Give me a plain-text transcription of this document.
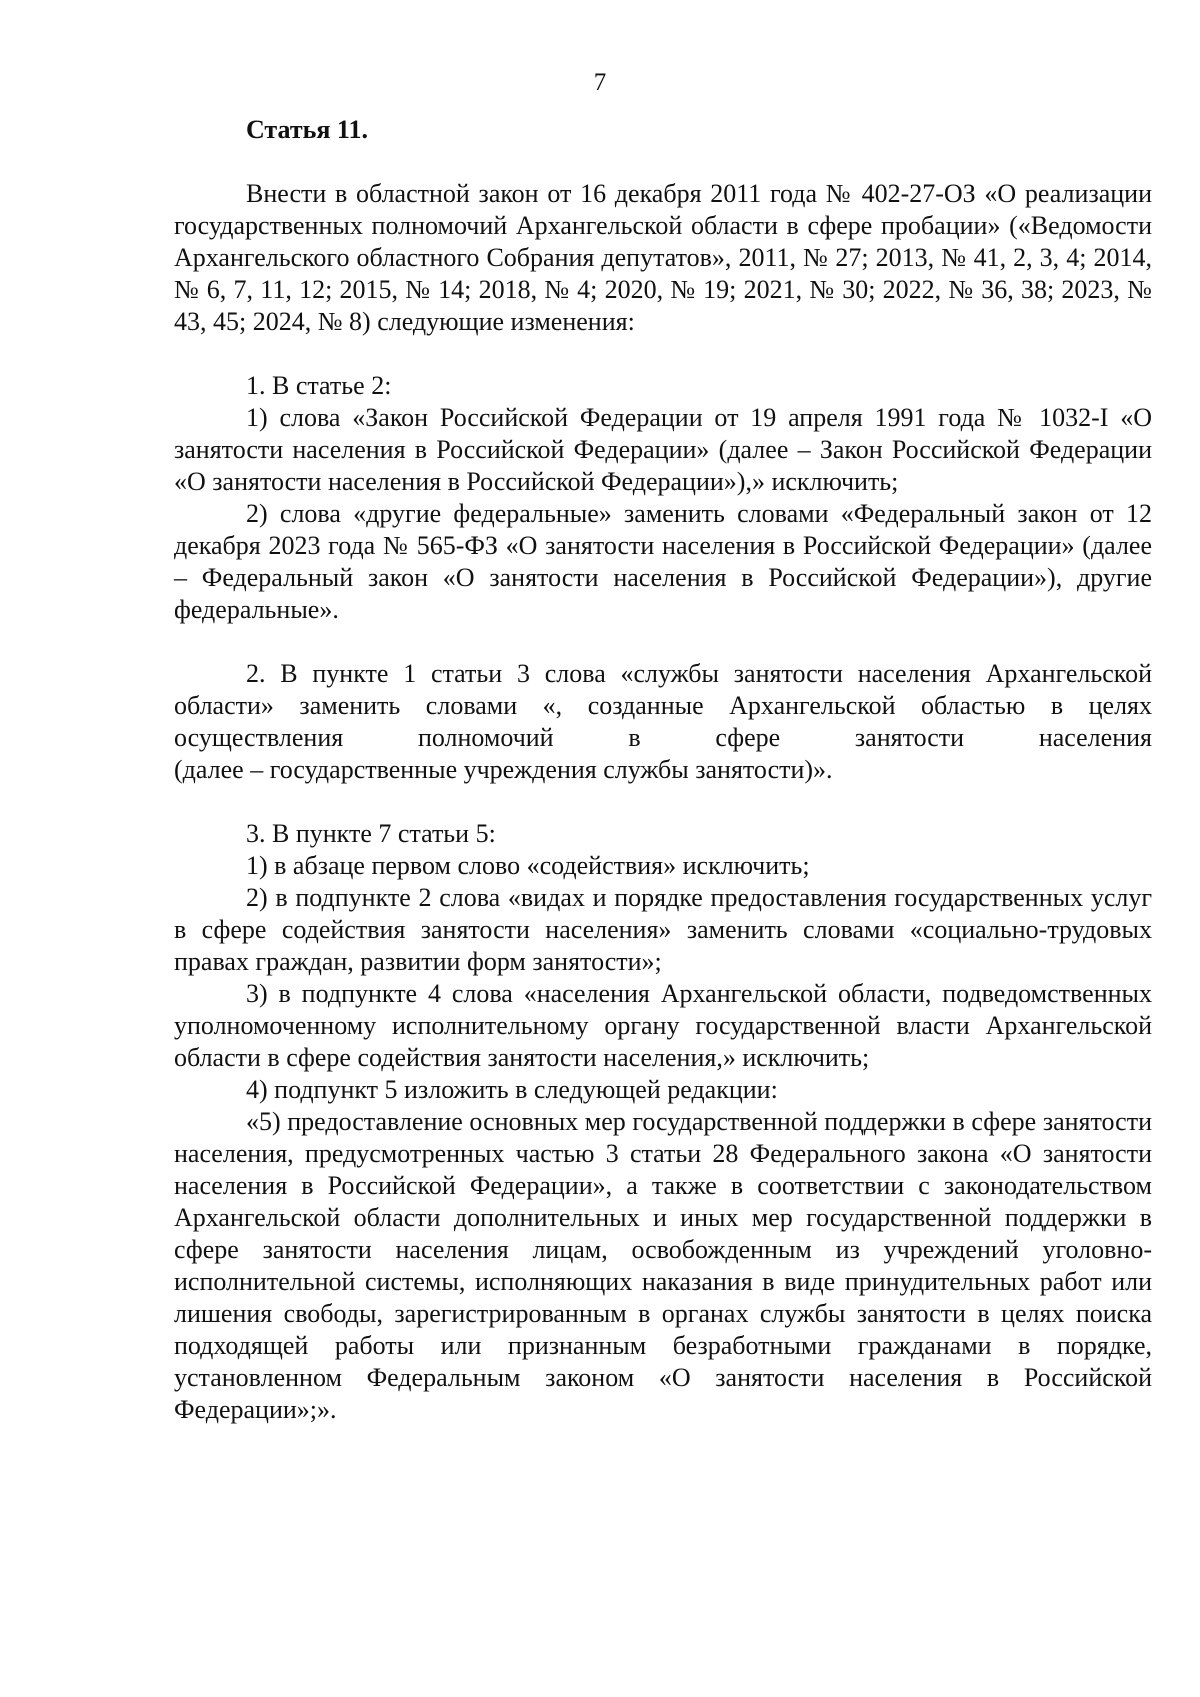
7

Статья 11.

Внести в областной закон от 16 декабря 2011 года № 402-27-ОЗ «О реализации государственных полномочий Архангельской области в сфере пробации» («Ведомости Архангельского областного Собрания депутатов», 2011, № 27; 2013, № 41, 2, 3, 4; 2014, № 6, 7, 11, 12; 2015, № 14; 2018, № 4; 2020, № 19; 2021, № 30; 2022, № 36, 38; 2023, № 43, 45; 2024, № 8) следующие изменения:

1. В статье 2:

1) слова «Закон Российской Федерации от 19 апреля 1991 года № 1032-I «О занятости населения в Российской Федерации» (далее – Закон Российской Федерации «О занятости населения в Российской Федерации»),» исключить;

2) слова «другие федеральные» заменить словами «Федеральный закон от 12 декабря 2023 года № 565-ФЗ «О занятости населения в Российской Федерации» (далее – Федеральный закон «О занятости населения в Российской Федерации»), другие федеральные».

2. В пункте 1 статьи 3 слова «службы занятости населения Архангельской области» заменить словами «, созданные Архангельской областью в целях осуществления полномочий в сфере занятости населения

(далее – государственные учреждения службы занятости)».

3. В пункте 7 статьи 5:

1) в абзаце первом слово «содействия» исключить;

2) в подпункте 2 слова «видах и порядке предоставления государственных услуг в сфере содействия занятости населения» заменить словами «социально-трудовых правах граждан, развитии форм занятости»;

3) в подпункте 4 слова «населения Архангельской области, подведомственных уполномоченному исполнительному органу государственной власти Архангельской области в сфере содействия занятости населения,» исключить;

4) подпункт 5 изложить в следующей редакции:

«5) предоставление основных мер государственной поддержки в сфере занятости населения, предусмотренных частью 3 статьи 28 Федерального закона «О занятости населения в Российской Федерации», а также в соответствии с законодательством Архангельской области дополнительных и иных мер государственной поддержки в сфере занятости населения лицам, освобожденным из учреждений уголовно-исполнительной системы, исполняющих наказания в виде принудительных работ или лишения свободы, зарегистрированным в органах службы занятости в целях поиска подходящей работы или признанным безработными гражданами в порядке, установленном Федеральным законом «О занятости населения в Российской Федерации»;».
